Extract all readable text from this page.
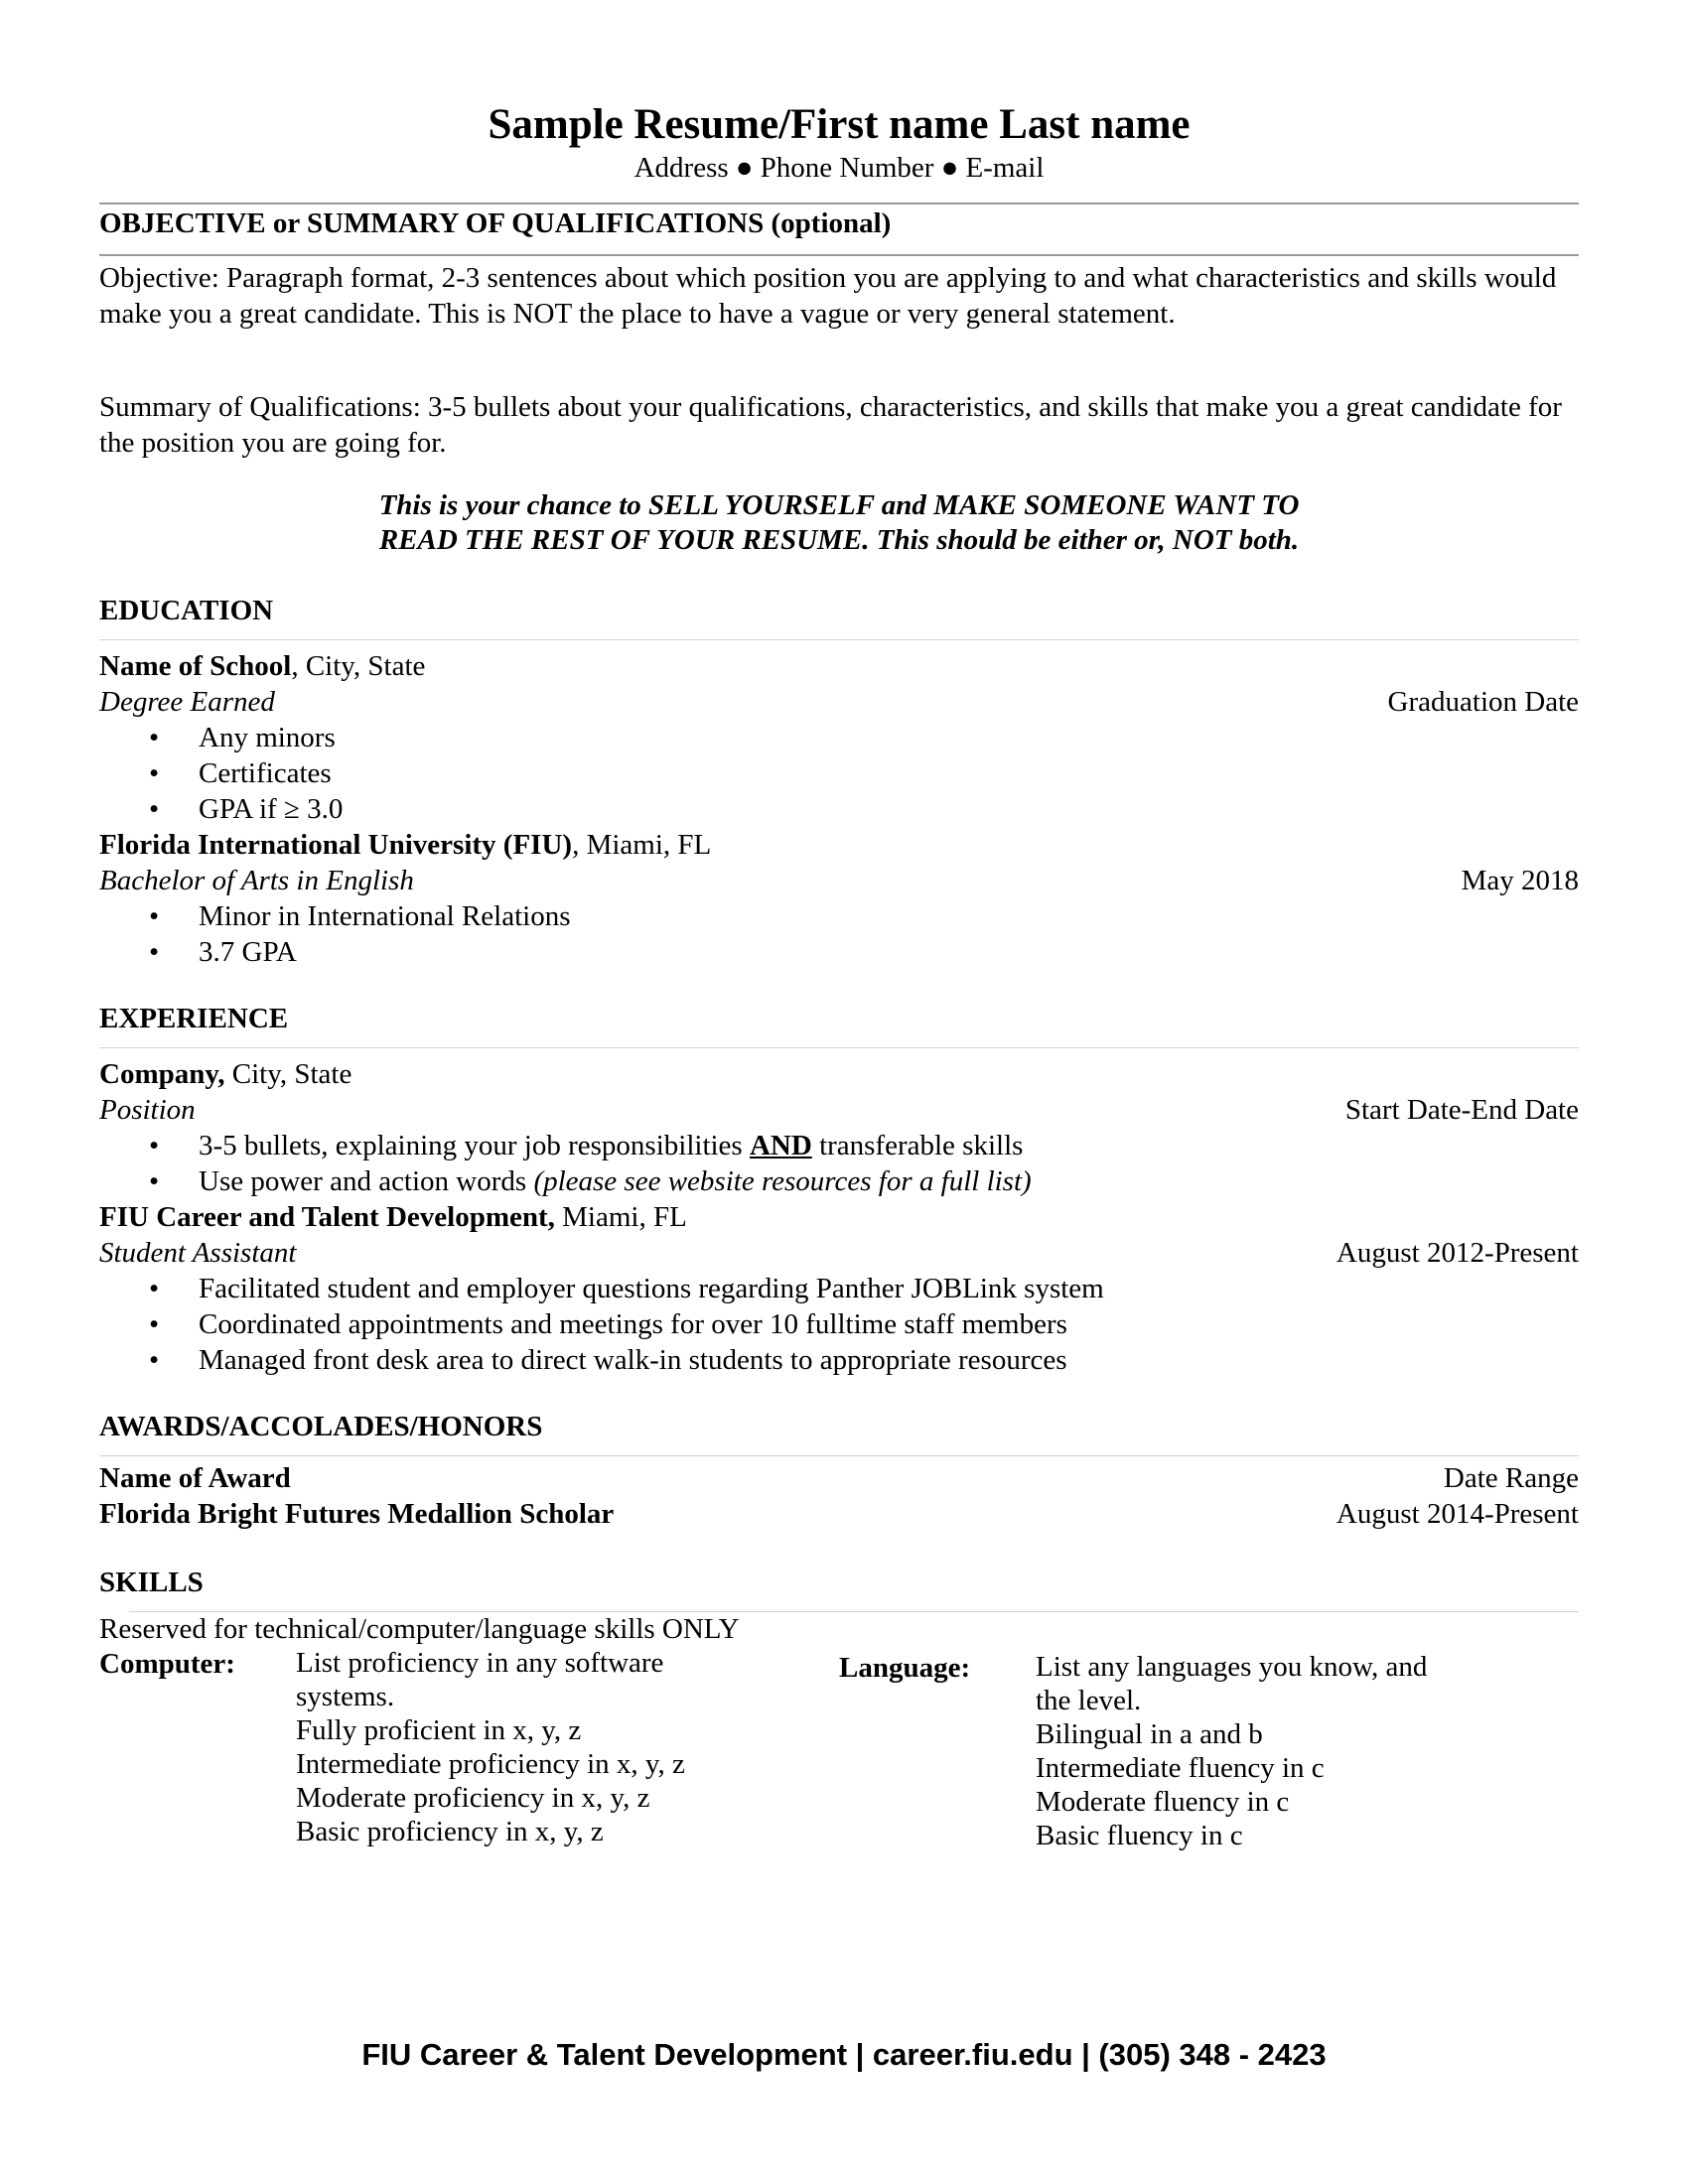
Sample Resume/First name Last name
Address ● Phone Number ● E-mail
OBJECTIVE or SUMMARY OF QUALIFICATIONS (optional)

Objective: Paragraph format, 2-3 sentences about which position you are applying to and what characteristics and skills would make you a great candidate. This is NOT the place to have a vague or very general statement.

Summary of Qualifications: 3-5 bullets about your qualifications, characteristics, and skills that make you a great candidate for the position you are going for.

This is your chance to SELL YOURSELF and MAKE SOMEONE WANT TO
READ THE REST OF YOUR RESUME. This should be either or, NOT both.
EDUCATION
Name of School, City, State
Degree Earned	Graduation Date
•	Any minors
•	Certificates
•	GPA if ≥ 3.0
Florida International University (FIU), Miami, FL
Bachelor of Arts in English	May 2018
•	Minor in International Relations
•	3.7 GPA
EXPERIENCE
Company, City, State
Position	Start Date-End Date
•	3-5 bullets, explaining your job responsibilities AND transferable skills
•	Use power and action words (please see website resources for a full list)
FIU Career and Talent Development, Miami, FL
Student Assistant	August 2012-Present
•	Facilitated student and employer questions regarding Panther JOBLink system
•	Coordinated appointments and meetings for over 10 fulltime staff members
•	Managed front desk area to direct walk-in students to appropriate resources
AWARDS/ACCOLADES/HONORS
Name of Award	Date Range
Florida Bright Futures Medallion Scholar	August 2014-Present
SKILLS

Reserved for technical/computer/language skills ONLY

Computer:	List proficiency in any software systems.
Fully proficient in x, y, z
Intermediate proficiency in x, y, z
Moderate proficiency in x, y, z
Basic proficiency in x, y, z
Language:	List any languages you know, and the level.
Bilingual in a and b
Intermediate fluency in c
Moderate fluency in c
Basic fluency in c
FIU Career & Talent Development | career.fiu.edu | (305) 348 - 2423
